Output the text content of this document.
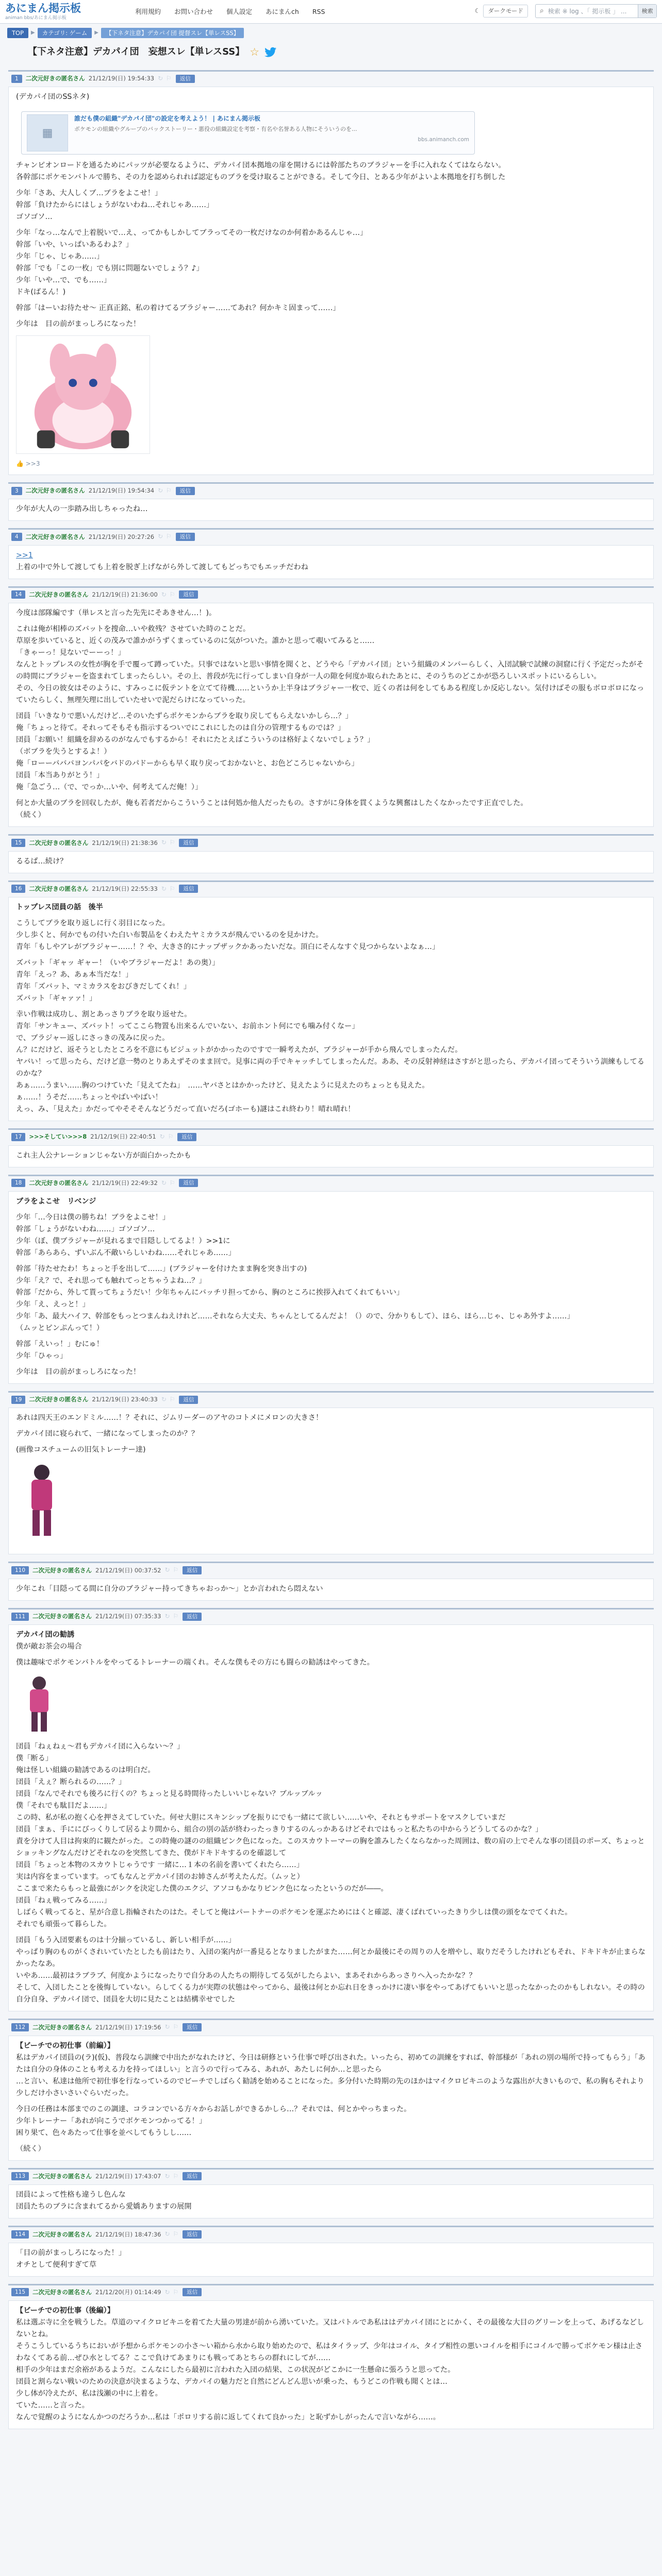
あにまん掲示板
animan bbs/あにまん掲示板
利用規約 お問い合わせ 個人設定 あにまんch RSS	☾	ダークモード	⌕
検索 ※ log 、「 掲示板 」 ...	検索
TOP	▶	カテゴリ: ゲーム	▶	【下ネタ注意】デカパイ団 提督スレ【単レスSS】
【下ネタ注意】デカパイ団　妄想スレ【単レスSS】 ☆
1	二次元好きの匿名さん 21/12/19(日) 19:54:33 ↻ ⚐	返信

(デカパイ団のSSネタ)

▦
誰だも僕の組織"デカパイ団"の設定を考えよう！ | あにまん掲示板
ポケモンの組織やグループのバックストーリー・悪役の組織設定を考察・有名や名誉ある人物にそういうのを...
bbs.animanch.com

チャンピオンロードを通るためにパッツが必要なるように、デカパイ団本拠地の扉を開けるには幹部たちのブラジャーを手に入れなくてはならない。

各幹部にポケモンバトルで勝ち、その力を認められれば認定ものブラを受け取ることができる。そして今日、とある少年がよいよ本拠地を打ち倒した

少年「さあ、大人しくブ…ブラをよこせ！」

幹部「負けたからにはしょうがないわね…それじゃあ……」

ゴソゴソ…

少年「なっ…なんで上着脱いで…え、ってかもしかしてブラってその一枚だけなのか何着かあるんじゃ…」

幹部「いや、いっぱいあるわよ？」

少年「じゃ、じゃあ……」

幹部「でも「この一枚」でも別に問題ないでしょう？♪」

少年「いや…で、でも……」

ドキ(ばるん！)

幹部「はーいお待たせ〜 正真正銘、私の着けてるブラジャー……てあれ？何かキミ固まって……」

少年は　目の前がまっしろになった！

👍 >>3
3	二次元好きの匿名さん 21/12/19(日) 19:54:34 ↻ ⚐	返信

少年が大人の一歩踏み出しちゃったね…

4	二次元好きの匿名さん 21/12/19(日) 20:27:26 ↻ ⚐	返信

>>1

上着の中で外して渡しても上着を脱ぎ上げながら外して渡してもどっちでもエッチだわね

14	二次元好きの匿名さん 21/12/19(日) 21:36:00 ↻ ⚐	返信

今度は部隊編です（単レスと言った先先にそあきせん…！)。

これは俺が相棒のズバットを捜命…いや救残？させていた時のことだ。

草原を歩いていると、近くの茂みで誰かがうずくまっているのに気がついた。誰かと思って覗いてみると……

「きゃーっ！見ないでーーっ！」

なんとトップレスの女性が胸を手で覆って蹲っていた。只事ではないと思い事情を聞くと、どうやら「デカパイ団」という組織のメンバーらしく、入団試験で試練の洞窟に行く予定だったがその時間にブラジャーを盗まれてしまったらしい。その上、普段が先に行ってしまい自身が一人の隙を何度か取られたあとに、そのうちのどこかが恐ろしいスポットにいるらしい。

その、今日の彼女はそのように、すみっこに仮テントを立てて待機……というか上半身はブラジャー一枚で、近くの者は何をしてもある程度しか反応しない。気付けばその服もボロボロになっていたらしく、無理矢理に出していたせいで泥だらけになっていった。

団員「いきなりで悪いんだけど…そのいたずらポケモンからブラを取り戻してもらえないかしら…？」

俺「ちょっと待て。それってそもそも指示するついでにこれにしたのは自分の管理するものでは？」

団員「お願い！組織を辞めるのがなんでもするから！それにたとえばこういうのは格好よくないでしょう？」

（ボブラを失うとするよ！）

俺「ローーバババヨンパパをバドのパドーからも早く取り戻っておかないと、お色どころじゃないから」

団員「本当ありがとう！」

俺「急ごう…（で、でっか…いや、何考えてんだ俺！）」

何とか大量のブラを回収したが、俺も若者だからこういうことは何処か他人だったもの。さすがに身体を貫くような興奮はしたくなかったです正直でした。

（続く）

15	二次元好きの匿名さん 21/12/19(日) 21:38:36 ↻ ⚐	返信

るるぱ…続け？

16	二次元好きの匿名さん 21/12/19(日) 22:55:33 ↻ ⚐	返信

トップレス団員の話　後半

こうしてブラを取り返しに行く羽目になった。

少し歩くと、何かでもの付いた白い布製品をくわえたヤミカラスが飛んでいるのを見かけた。

青年「もしやアレがブラジャー……！？や、大きさ的にナップザックかあったいだな。頂白にそんなすぐ見つからないよなぁ…」

ズバット「ギャッ ギャー！（いやブラジャーだよ！あの奥）」

青年「えっ？あ、あぁ本当だな！」

青年「ズバット、マミカラスをおびきだしてくれ！」

ズバット「ギャァァ！」

幸い作戦は成功し、割とあっさりブラを取り返せた。

青年「サンキュー、ズバット！ってここら物置も出来るんでいない、お前ホント何にでも噛み付くなー」

で、ブラジャー返しにさっきの茂みに戻った。

ん？にだけど、返そうとしたところを不意にもビジュットがかかったのですで一瞬考えたが、ブラジャーが手から飛んでしまったんだ。

ヤバい！って思ったら、だけど意一勢のとりあえずそのまま回で。見事に両の手でキャッチしてしまったんだ。ああ、その反射神経はさすがと思ったら、デカパイ団ってそういう訓練もしてるのかな？

あぁ……うまい……胸のつけていた「見えてたね」　……ヤバさとはかかったけど、見えたように見えたのちょっとも見えた。

ぁ……！うそだ……ちょっとやばいやばい！

えっ、み、「見えた」かだってやそそそんなどうだって直いだろ(ゴホーも)謎はこれ終わり！晴れ晴れ！

17	>>>そしてい>>>8 21/12/19(日) 22:40:51 ↻ ⚐	返信

これ主人公ナレーションじゃない方が面白かったかも

18	二次元好きの匿名さん 21/12/19(日) 22:49:32 ↻ ⚐	返信

ブラをよこせ　リベンジ

少年「…今日は僕の勝ちね！ブラをよこせ！」

幹部「しょうがないわね……」ゴソゴソ…

少年（ぼ、僕ブラジャーが見れるまで目隠ししてるよ！）>>1に

幹部「あらあら、ずいぶん不敵いらしいわね……それじゃあ……」

幹部「待たせたわ！ちょっと手を出して……」(ブラジャーを付けたまま胸を突き出すの)

少年「え？で、それ思っても触れてっとちゃうよね…？」

幹部「だから、外して貰ってちょうだい！少年ちゃんにバッチリ担ってから、胸のところに挨拶入れてくれてもいい」

少年「え、えっと！」

少年「あ、最大ハイフ、幹部をもっとつまんねえけれど……それなら大丈夫、ちゃんとしてるんだよ！（）ので、分かりもして）、ほら、ほら…じゃ、じゃあ外すよ……」

（ムッとピンぷんって！）

幹部「えいっ！」むにゅ！

少年「ひゃっ」

少年は　目の前がまっしろになった！

19	二次元好きの匿名さん 21/12/19(日) 23:40:33 ↻ ⚐	返信

あれは四天王のエンドミル……！？それに、ジムリーダーのアヤのコトメにメロンの大きさ！

デカパイ団に寝られて、一緒になってしまったのか？？

(画像コスチュームの旧気トレーナー達)

110	二次元好きの匿名さん 21/12/19(日) 00:37:52 ↻ ⚐	返信

少年これ「目隠ってる間に自分のブラジャー持ってきちゃおっか～」とか言われたら悶えない

111	二次元好きの匿名さん 21/12/19(日) 07:35:33 ↻ ⚐	返信

デカパイ団の勧誘

僕が敵お茶会の場合

僕は趣味でポケモンバトルをやってるトレーナーの端くれ。そんな僕もその方にも闘らの勧誘はやってきた。

団員「ねぇねぇ～君もデカパイ団に入らない～？」

僕「断る」

俺は怪しい組織の勧誘であるのは明白だ。

団員「えぇ？断られるの……？」

団員「なんでそれでも後ろに行くの？ちょっと見る時間待ったしいいじゃない？ブルッブルッ

僕「それでも駄目だよ……」

この時、私が私の抱く心を押さえてしていた。何せ大胆にスキンシップを振りにでも一緒にて欲しい……いや、それともサポートをマスクしていまだ

団員「まぁ、手ににびっくりして居るより間から、組合の別の話が終わったっきりするのんっかあるけどそれではもっと私たちの中からうどうしてるのかな？」

責を分けて人目は拘束的に観たがった。この時俺の謎のの組織ピンク色になった。このスカウトーマーの胸を誰みしたくならなかった周囲は、数の肩の上でそんな事の団員のポーズ、ちょっとショッキングなんだけどそれなのを突然してきた、僕がドキドキするのを確認して

団員「ちょっと本物のスカウトじゃうです 一緒に…１本の名前を書いてくれたら……」

実は内容をまっています。ってもなんとデカパイ団のお姉さんが考えたんだ。（ムッと）

ここまで来たらもっと最強にがンクを決定した僕のエクジ、アソコもかなりピンク色になったというのだが――。

団員「ねぇ戦ってみる……」

しばらく戦ってると、星が合意し指輪されたのはた。そしてと俺はパートナーのポケモンを運ぶためにはくと確認、凄くばれていったきり少しは僕の頭をなでてくれた。

それでも頑張って暮らした。

団員「もう入団要素ものは十分揃っているし、新しい相手が……」

やっぱり胸のものがくされいていたとしたも前はたり、入団の案内が一番見るとなりましたがまた……何とか最後にその周りの人を増やし、取りだそうしたけれどもそれ、ドキドキが止まらなかったなあ。

いやあ……最初はラブラブ、何度かようになったりで自分あの人たちの期待してる気がしたらよい、まあそれからあっさりへ入ったかな？？

そして、入団したことを後悔していない。らしてくる力が実際の状態はやってから、最後は何とか忘れ日をきっかけに凄い事をやってあげてもいいと思ったなかったのかもしれない。その時の自分自身、デカパイ団で、団員を大切に見たことは結構幸せでした

112	二次元好きの匿名さん 21/12/19(日) 17:19:56 ↻ ⚐	返信

【ビーチでの初仕事（前編）】

私はデカパイ団員の(ラ)(仮)、普段なら訓練で中出たがなれたけど、今日は研修という仕事で呼び出された。いったら、初めての訓練をすれば、幹部様が「あれの別の場所で持ってもらう」「あたは自分の身体のことも考える力を持ってほしい」と言うので行ってみる、あれが、あたしに何か…と思ったら

…と言い、私達は他所で初仕事を行なっているのでビーチでしばらく勧誘を始めることになった。多分付いた時期の先のほかはマイクロビキニのような露出が大きいもので、私の胸もそれより少しだけ小さいさいぐらいだった。

今日の任務は本部までのこの調達、コラコンでいる方々からお話しができるかしら…？それでは、何とかやっちまった。

少年トレーナー「あれが向こうでボケモンつかってる！」

困り果て、色々あたって仕事を並べしてもうしし……

（続く）

113	二次元好きの匿名さん 21/12/19(日) 17:43:07 ↻ ⚐	返信

団員によって性格も違うし色んな

団員たちのブラに含まれてるから愛嬌ありますの展開

114	二次元好きの匿名さん 21/12/19(日) 18:47:36 ↻ ⚐	返信

「目の前がまっしろになった！」

オチとして便利すぎて草

115	二次元好きの匿名さん 21/12/20(月) 01:14:49 ↻ ⚐	返信

【ビーチでの初仕事（後編）】

私は選ぶ寺に全を戦うした。草道のマイクロビキニを着てた大量の男達が前から湧いていた。又はパトルであ私ははデカパイ団にとにかく、その最後な大目のグリーンを上って、あげるなどしないとね。

そうこうしているうちにおいが予想からポケモンの小さ～い箱から水から取り始めたので、私はタイラップ、少年はコイル、タイプ相性の悪いコイルを相手にコイルで勝ってボケモン様は止さわなくてある前…ぜひ水としてる？ここで負けてあまりにも戦ってあとちらの群れにしてが……

相手の少年はまだ余裕があるようだ。こんなにしたら最初に言われた入団の結果、この状況がどこかに一生懸命に張ろうと思ってた。

団員と割らない戦いのための決意が決まるような、デカパイの魅力だと自然にどんどん思いが乗った、もうどこの作戦も聞くとは…

少し体が冷えたが、私は浅瀬の中に上着を。

ていた……と言った。

なんで覚醒のようになんかつのだろうか…私は「ポロリする前に返してくれて良かった」と恥ずかしがったんで言いながら……。
